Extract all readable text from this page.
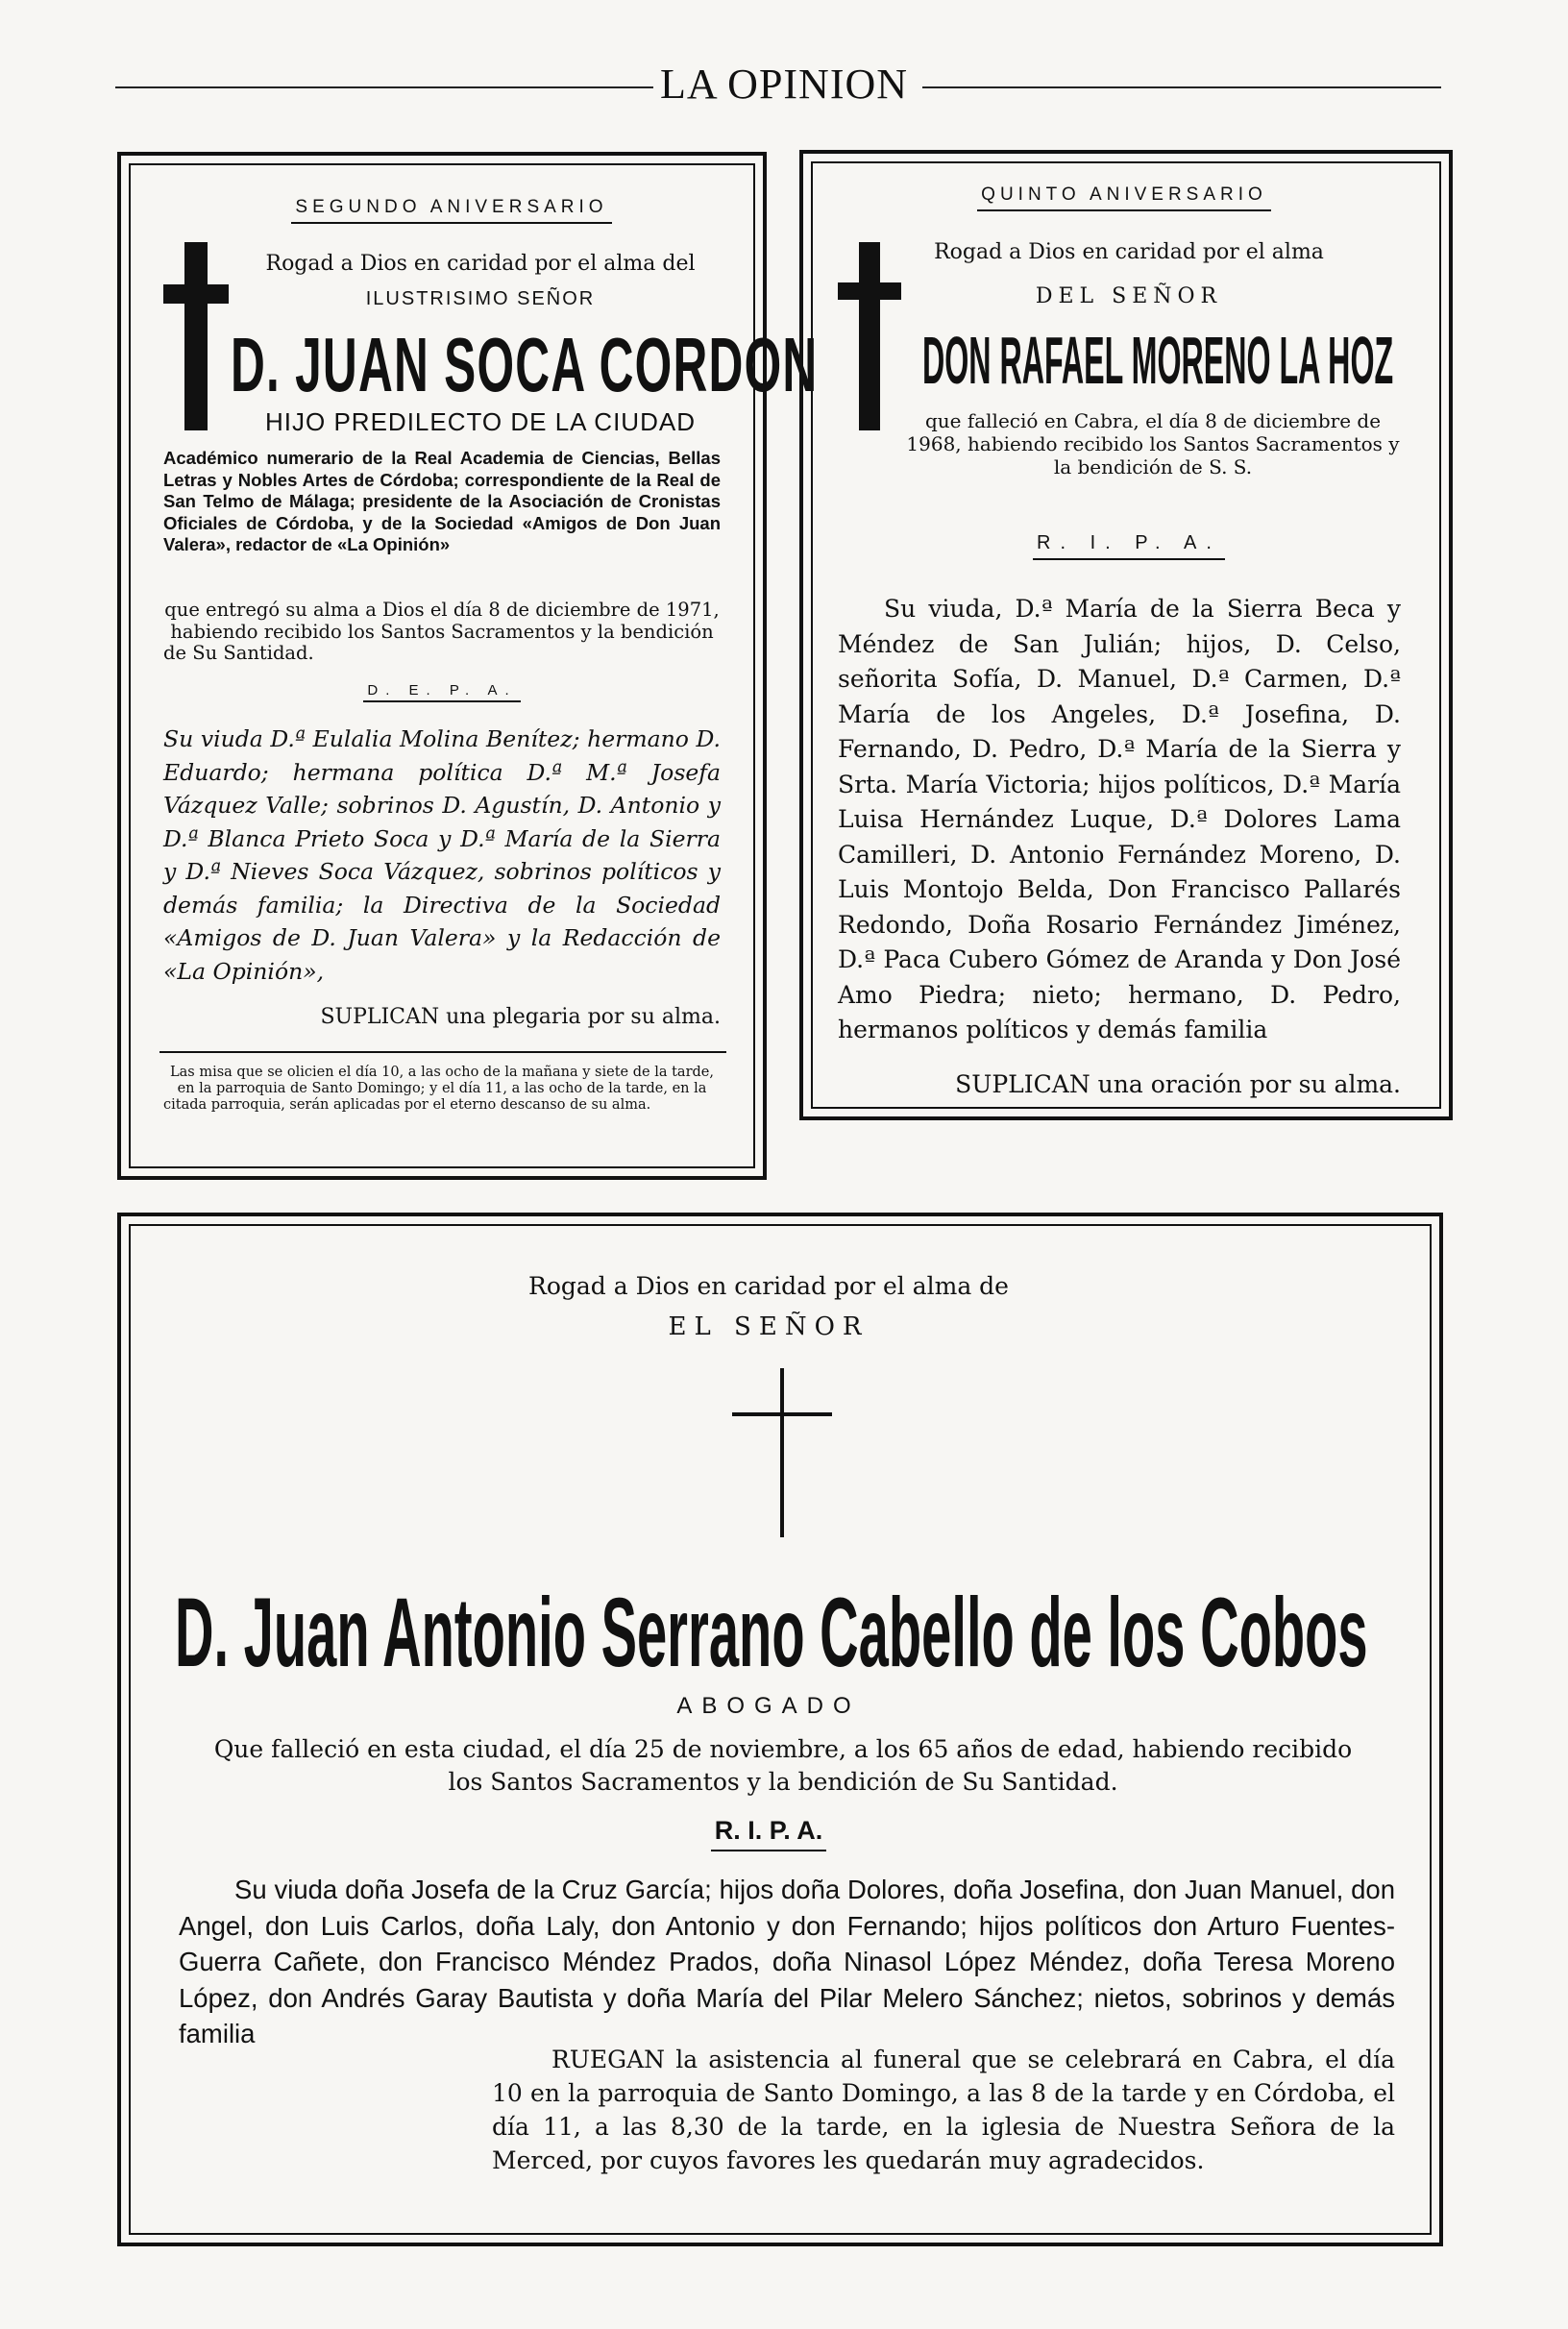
LA OPINION
SEGUNDO ANIVERSARIO
Rogad a Dios en caridad por el alma del
ILUSTRISIMO SEÑOR
D. JUAN SOCA CORDON
HIJO PREDILECTO DE LA CIUDAD

Académico numerario de la Real Academia de Ciencias, Bellas Letras y Nobles Artes de Córdoba; correspondiente de la Real de San Telmo de Málaga; presidente de la Asociación de Cronistas Oficiales de Córdoba, y de la Sociedad «Amigos de Don Juan Valera», redactor de «La Opinión»

que entregó su alma a Dios el día 8 de diciembre de 1971, habiendo recibido los Santos Sacramentos y la bendición de Su Santidad.

D. E. P. A.

Su viuda D.ª Eulalia Molina Benítez; hermano D. Eduardo; hermana política D.ª M.ª Josefa Vázquez Valle; sobrinos D. Agustín, D. Antonio y D.ª Blanca Prieto Soca y D.ª María de la Sierra y D.ª Nieves Soca Vázquez, sobrinos políticos y demás familia; la Directiva de la Sociedad «Amigos de D. Juan Valera» y la Redacción de «La Opinión»,

SUPLICAN una plegaria por su alma.

Las misa que se olicien el día 10, a las ocho de la mañana y siete de la tarde, en la parroquia de Santo Domingo; y el día 11, a las ocho de la tarde, en la citada parroquia, serán aplicadas por el eterno descanso de su alma.

QUINTO ANIVERSARIO
Rogad a Dios en caridad por el alma
DEL SEÑOR
DON RAFAEL MORENO LA HOZ

que falleció en Cabra, el día 8 de diciembre de 1968, habiendo recibido los Santos Sacramentos y la bendición de S. S.

R. I. P. A.

Su viuda, D.ª María de la Sierra Beca y Méndez de San Julián; hijos, D. Celso, señorita Sofía, D. Manuel, D.ª Carmen, D.ª María de los Angeles, D.ª Josefina, D. Fernando, D. Pedro, D.ª María de la Sierra y Srta. María Victoria; hijos políticos, D.ª María Luisa Hernández Luque, D.ª Dolores Lama Camilleri, D. Antonio Fernández Moreno, D. Luis Montojo Belda, Don Francisco Pallarés Redondo, Doña Rosario Fernández Jiménez, D.ª Paca Cubero Gómez de Aranda y Don José Amo Piedra; nieto; hermano, D. Pedro, hermanos políticos y demás familia

SUPLICAN una oración por su alma.

Rogad a Dios en caridad por el alma de
EL SEÑOR
D. Juan Antonio Serrano Cabello de los Cobos
ABOGADO

Que falleció en esta ciudad, el día 25 de noviembre, a los 65 años de edad, habiendo recibido los Santos Sacramentos y la bendición de Su Santidad.

R. I. P. A.

Su viuda doña Josefa de la Cruz García; hijos doña Dolores, doña Josefina, don Juan Manuel, don Angel, don Luis Carlos, doña Laly, don Antonio y don Fernando; hijos políticos don Arturo Fuentes-Guerra Cañete, don Francisco Méndez Prados, doña Ninasol López Méndez, doña Teresa Moreno López, don Andrés Garay Bautista y doña María del Pilar Melero Sánchez; nietos, sobrinos y demás familia

RUEGAN la asistencia al funeral que se celebrará en Cabra, el día 10 en la parroquia de Santo Domingo, a las 8 de la tarde y en Córdoba, el día 11, a las 8,30 de la tarde, en la iglesia de Nuestra Señora de la Merced, por cuyos favores les quedarán muy agradecidos.
